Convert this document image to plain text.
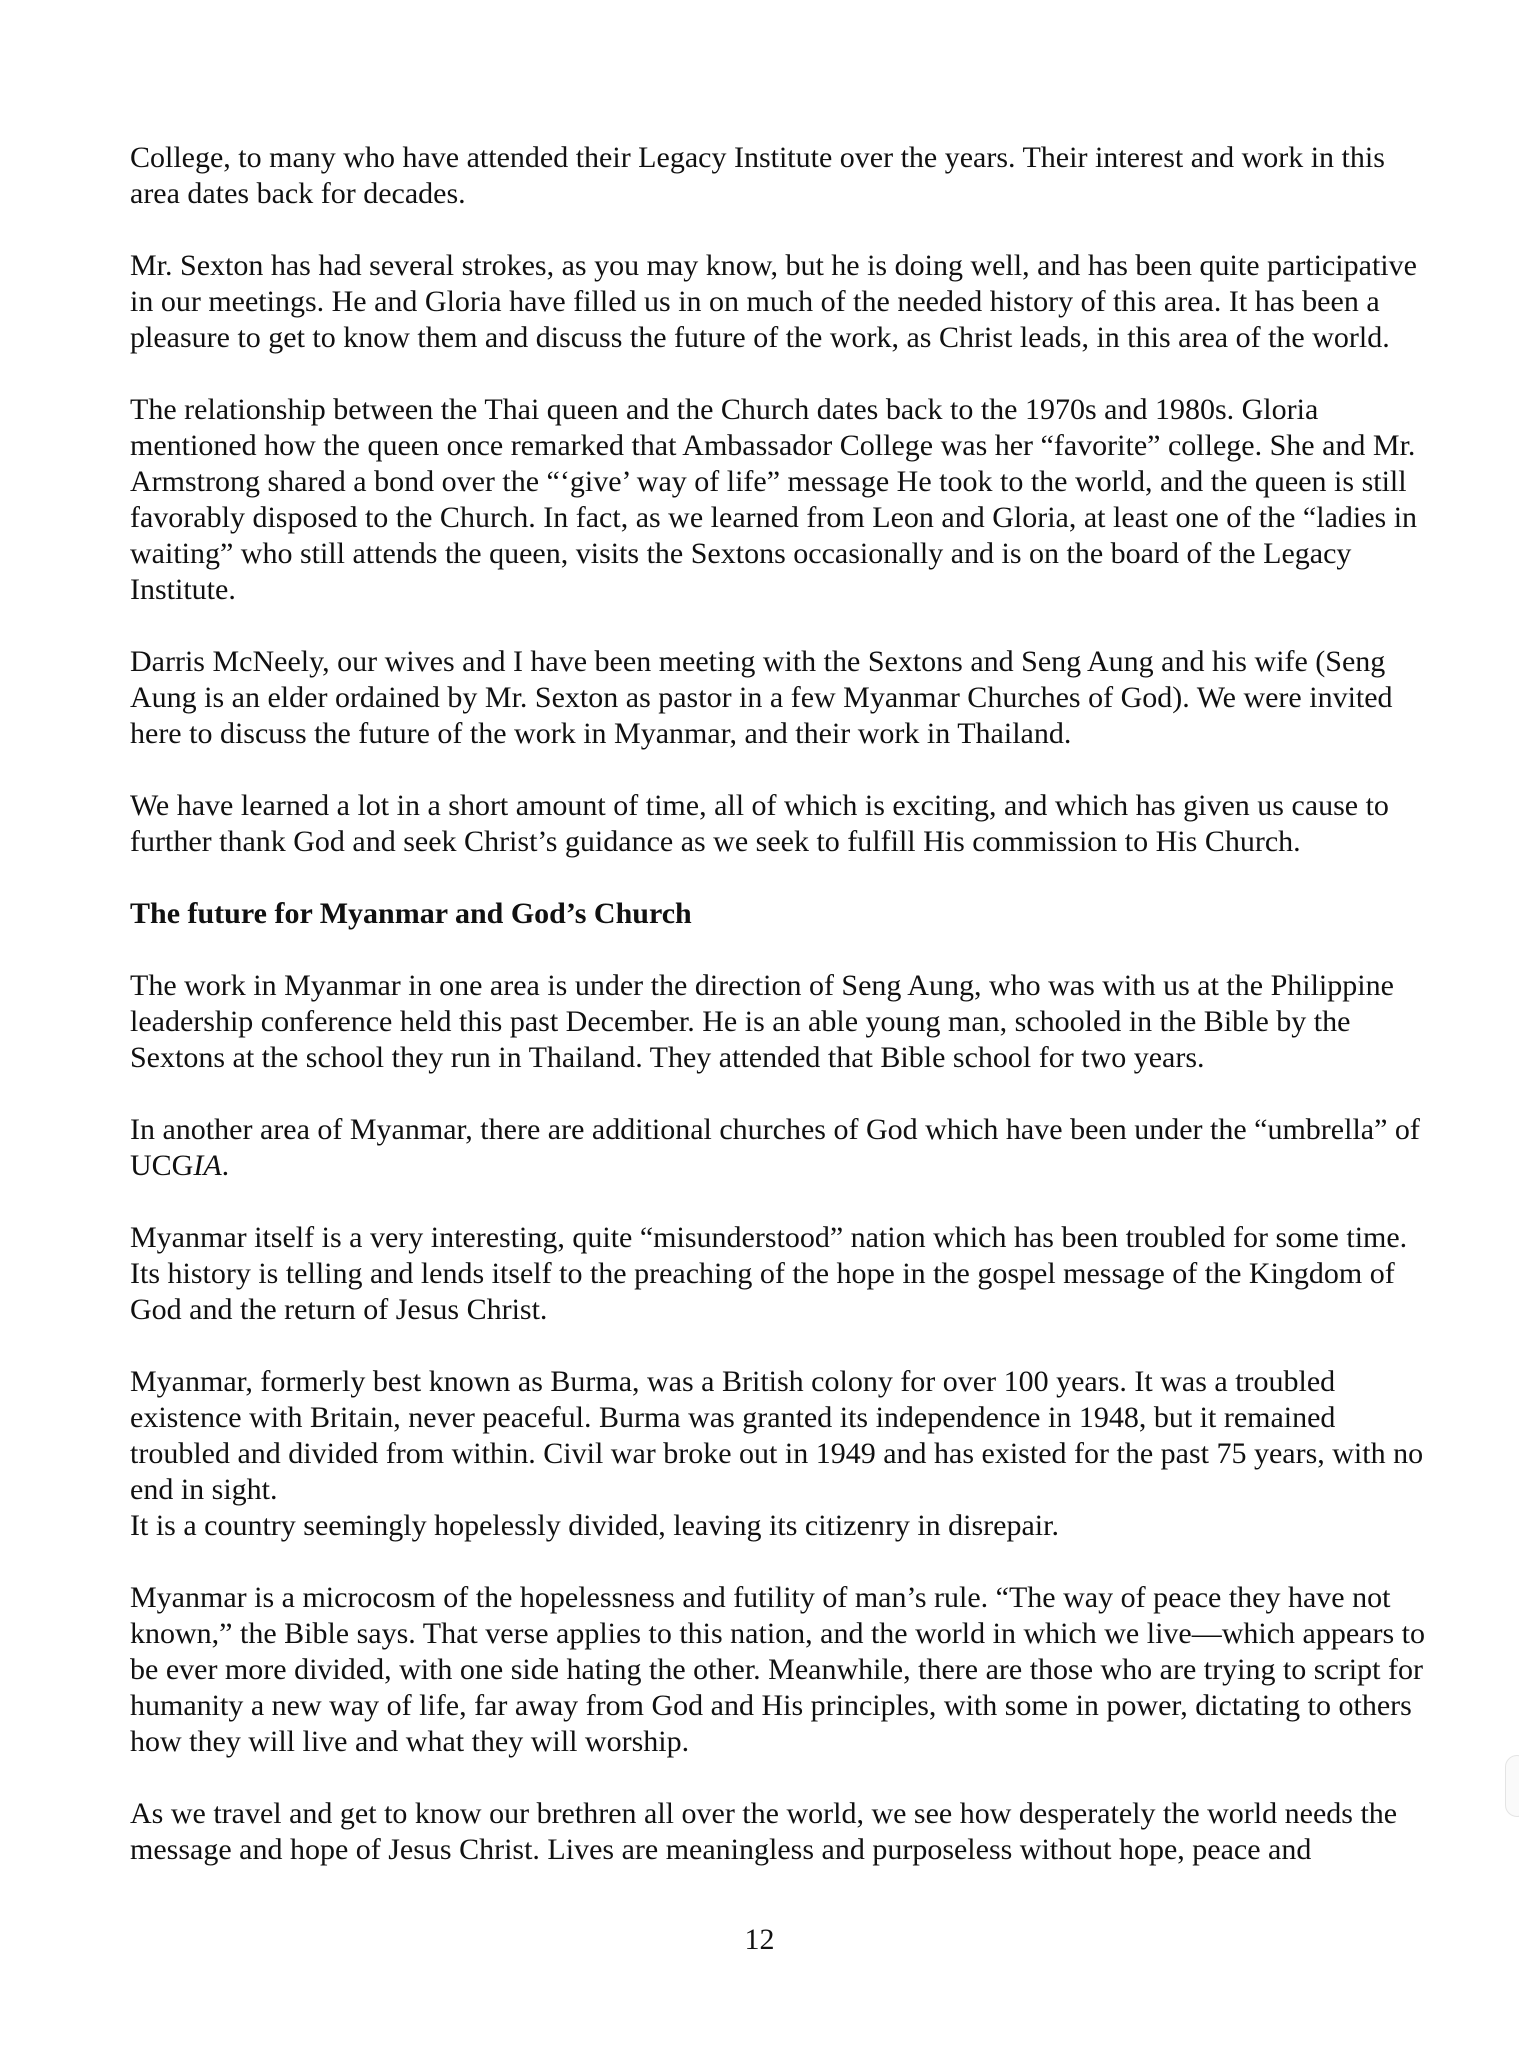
College, to many who have attended their Legacy Institute over the years. Their interest and work in this area dates back for decades.

Mr. Sexton has had several strokes, as you may know, but he is doing well, and has been quite participative in our meetings. He and Gloria have filled us in on much of the needed history of this area. It has been a pleasure to get to know them and discuss the future of the work, as Christ leads, in this area of the world.

The relationship between the Thai queen and the Church dates back to the 1970s and 1980s. Gloria mentioned how the queen once remarked that Ambassador College was her “favorite” college. She and Mr. Armstrong shared a bond over the “‘give’ way of life” message He took to the world, and the queen is still favorably disposed to the Church. In fact, as we learned from Leon and Gloria, at least one of the “ladies in waiting” who still attends the queen, visits the Sextons occasionally and is on the board of the Legacy Institute.

Darris McNeely, our wives and I have been meeting with the Sextons and Seng Aung and his wife (Seng Aung is an elder ordained by Mr. Sexton as pastor in a few Myanmar Churches of God). We were invited here to discuss the future of the work in Myanmar, and their work in Thailand.

We have learned a lot in a short amount of time, all of which is exciting, and which has given us cause to further thank God and seek Christ’s guidance as we seek to fulfill His commission to His Church.

The future for Myanmar and God’s Church

The work in Myanmar in one area is under the direction of Seng Aung, who was with us at the Philippine leadership conference held this past December. He is an able young man, schooled in the Bible by the Sextons at the school they run in Thailand. They attended that Bible school for two years.

In another area of Myanmar, there are additional churches of God which have been under the “umbrella” of UCGIA.

Myanmar itself is a very interesting, quite “misunderstood” nation which has been troubled for some time. Its history is telling and lends itself to the preaching of the hope in the gospel message of the Kingdom of God and the return of Jesus Christ.

Myanmar, formerly best known as Burma, was a British colony for over 100 years. It was a troubled existence with Britain, never peaceful. Burma was granted its independence in 1948, but it remained troubled and divided from within. Civil war broke out in 1949 and has existed for the past 75 years, with no end in sight.

It is a country seemingly hopelessly divided, leaving its citizenry in disrepair.

Myanmar is a microcosm of the hopelessness and futility of man’s rule. “The way of peace they have not known,” the Bible says. That verse applies to this nation, and the world in which we live—which appears to be ever more divided, with one side hating the other. Meanwhile, there are those who are trying to script for humanity a new way of life, far away from God and His principles, with some in power, dictating to others how they will live and what they will worship.

As we travel and get to know our brethren all over the world, we see how desperately the world needs the message and hope of Jesus Christ. Lives are meaningless and purposeless without hope, peace and

12
